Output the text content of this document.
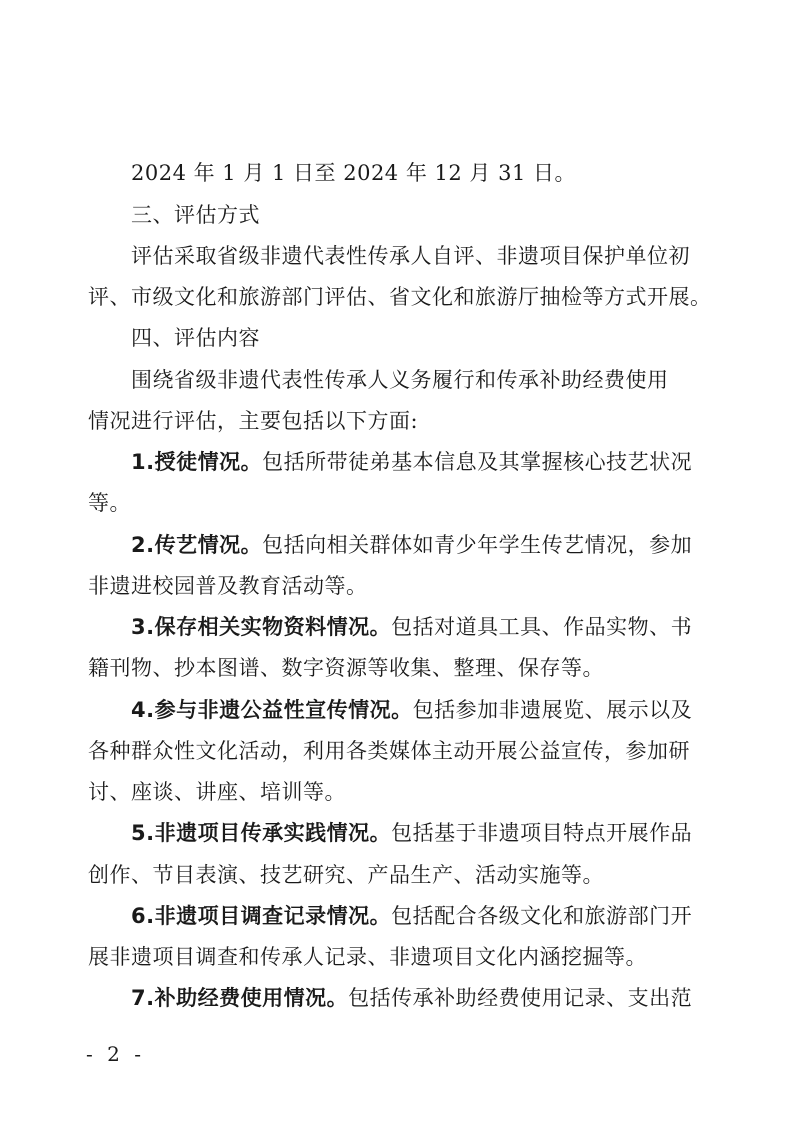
2024 年 1 月 1 日至 2024 年 12 月 31 日。
三、评估方式
评估采取省级非遗代表性传承人自评、非遗项目保护单位初
评、市级文化和旅游部门评估、省文化和旅游厅抽检等方式开展。
四、评估内容
围绕省级非遗代表性传承人义务履行和传承补助经费使用
情况进行评估，主要包括以下方面:
1.授徒情况。包括所带徒弟基本信息及其掌握核心技艺状况
等。
2.传艺情况。包括向相关群体如青少年学生传艺情况，参加
非遗进校园普及教育活动等。
3.保存相关实物资料情况。包括对道具工具、作品实物、书
籍刊物、抄本图谱、数字资源等收集、整理、保存等。
4.参与非遗公益性宣传情况。包括参加非遗展览、展示以及
各种群众性文化活动，利用各类媒体主动开展公益宣传，参加研
讨、座谈、讲座、培训等。
5.非遗项目传承实践情况。包括基于非遗项目特点开展作品
创作、节目表演、技艺研究、产品生产、活动实施等。
6.非遗项目调查记录情况。包括配合各级文化和旅游部门开
展非遗项目调查和传承人记录、非遗项目文化内涵挖掘等。
7.补助经费使用情况。包括传承补助经费使用记录、支出范
- 2 -
